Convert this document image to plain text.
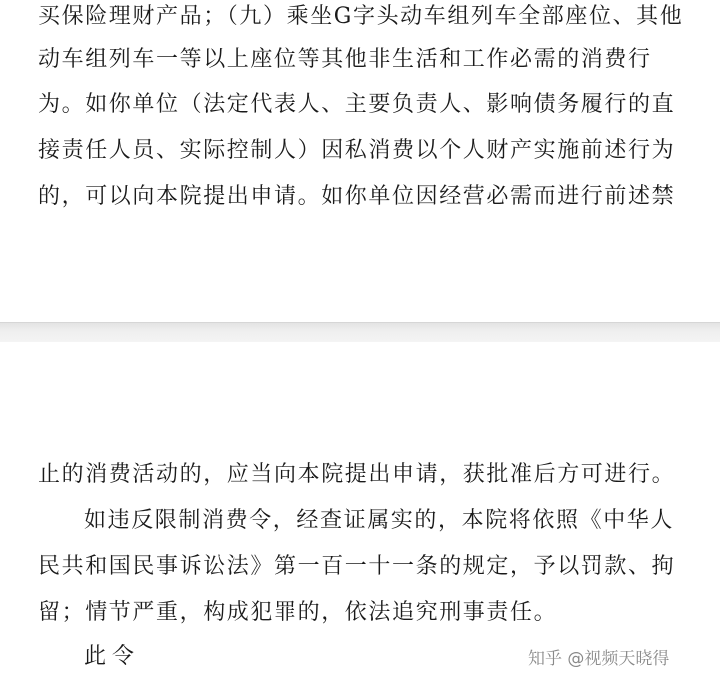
买保险理财产品；（九）乘坐G字头动车组列车全部座位、其他
动车组列车一等以上座位等其他非生活和工作必需的消费行
为。如你单位（法定代表人、主要负责人、影响债务履行的直
接责任人员、实际控制人）因私消费以个人财产实施前述行为
的，可以向本院提出申请。如你单位因经营必需而进行前述禁
止的消费活动的，应当向本院提出申请，获批准后方可进行。
如违反限制消费令，经查证属实的，本院将依照《中华人
民共和国民事诉讼法》第一百一十一条的规定，予以罚款、拘
留；情节严重，构成犯罪的，依法追究刑事责任。
此令	知乎 @视频天晓得
